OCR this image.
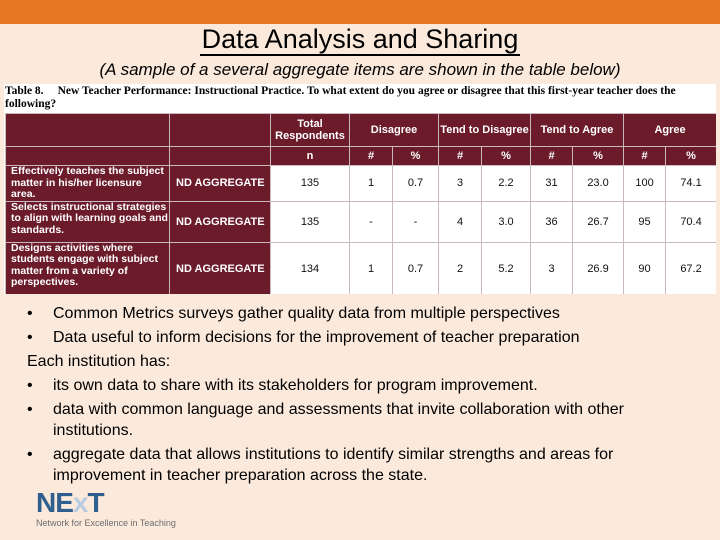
Data Analysis and Sharing
(A sample of a several aggregate items are shown in the table below)
Table 8. New Teacher Performance: Instructional Practice. To what extent do you agree or disagree that this first-year teacher does the following?
		Total Respondents	Disagree		Tend to Disagree		Tend to Agree		Agree	
		n	#	%	#	%	#	%	#	%
Effectively teaches the subject matter in his/her licensure area.	ND AGGREGATE	135	1	0.7	3	2.2	31	23.0	100	74.1
Selects instructional strategies to align with learning goals and standards.	ND AGGREGATE	135	-	-	4	3.0	36	26.7	95	70.4
Designs activities where students engage with subject matter from a variety of perspectives.	ND AGGREGATE	134	1	0.7	2	5.2	3	26.9	90	67.2
• Common Metrics surveys gather quality data from multiple perspectives
• Data useful to inform decisions for the improvement of teacher preparation
Each institution has:
• its own data to share with its stakeholders for program improvement.
• data with common language and assessments that invite collaboration with other institutions.
• aggregate data that allows institutions to identify similar strengths and areas for improvement in teacher preparation across the state.
NExT
Network for Excellence in Teaching
